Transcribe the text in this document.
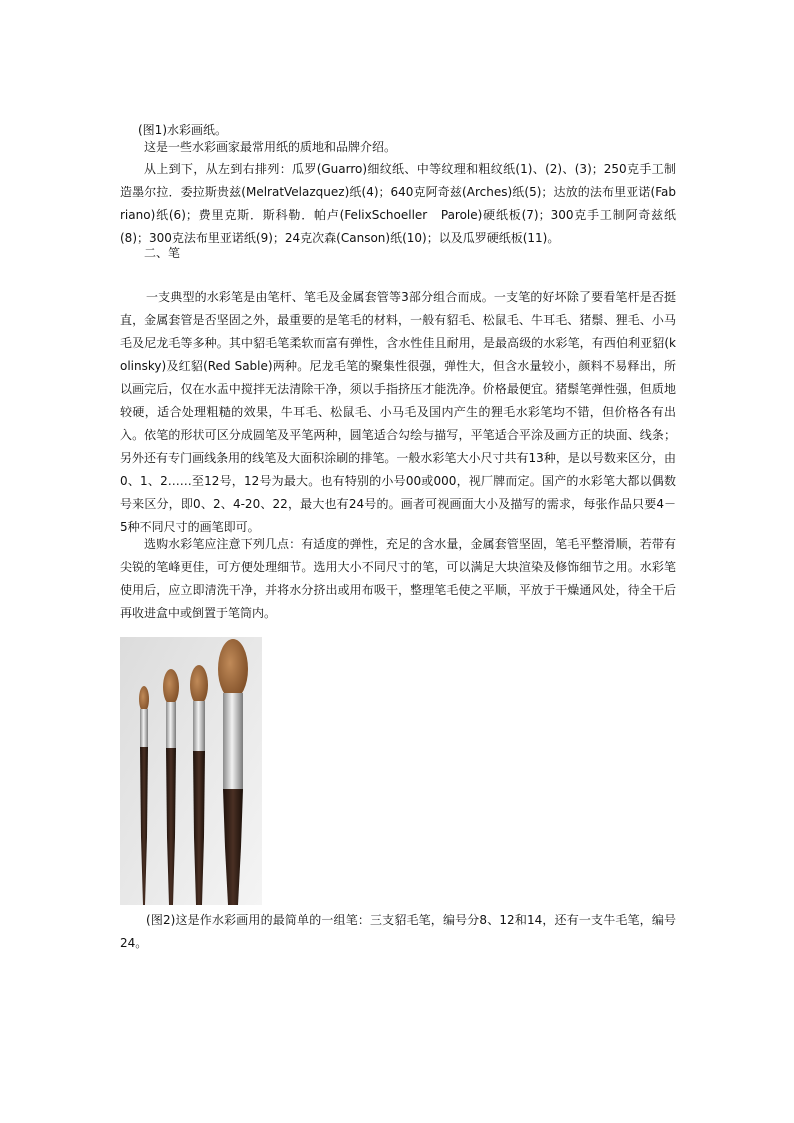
(图1)水彩画纸。

这是一些水彩画家最常用纸的质地和品牌介绍。

从上到下，从左到右排列：瓜罗(Guarro)细纹纸、中等纹理和粗纹纸(1)、(2)、(3)；250克手工制造墨尔拉．委拉斯贵兹(MelratVelazquez)纸(4)；640克阿奇兹(Arches)纸(5)；达放的法布里亚诺(Fabriano)纸(6)；费里克斯．斯科勒．帕卢(FelixSchoeller　Parole)硬纸板(7)；300克手工制阿奇兹纸(8)；300克法布里亚诺纸(9)；24克次森(Canson)纸(10)；以及瓜罗硬纸板(11)。

二、笔

一支典型的水彩笔是由笔杆、笔毛及金属套管等3部分组合而成。一支笔的好坏除了要看笔杆是否挺直，金属套管是否坚固之外，最重要的是笔毛的材料，一般有貂毛、松鼠毛、牛耳毛、猪鬃、狸毛、小马毛及尼龙毛等多种。其中貂毛笔柔软而富有弹性，含水性佳且耐用，是最高级的水彩笔，有西伯利亚貂(kolinsky)及红貂(Red Sable)两种。尼龙毛笔的聚集性很强，弹性大，但含水量较小，颜料不易释出，所以画完后，仅在水盂中搅拌无法清除干净，须以手指挤压才能洗净。价格最便宜。猪鬃笔弹性强，但质地较硬，适合处理粗糙的效果，牛耳毛、松鼠毛、小马毛及国内产生的狸毛水彩笔均不错，但价格各有出入。依笔的形状可区分成圆笔及平笔两种，圆笔适合勾绘与描写，平笔适合平涂及画方正的块面、线条；另外还有专门画线条用的线笔及大面积涂刷的排笔。一般水彩笔大小尺寸共有13种，是以号数来区分，由0、1、2……至12号，12号为最大。也有特别的小号00或000，视厂牌而定。国产的水彩笔大都以偶数号来区分，即0、2、4-20、22，最大也有24号的。画者可视画面大小及描写的需求，每张作品只要4－5种不同尺寸的画笔即可。

选购水彩笔应注意下列几点：有适度的弹性，充足的含水量，金属套管坚固，笔毛平整滑顺，若带有尖锐的笔峰更佳，可方便处理细节。选用大小不同尺寸的笔，可以满足大块渲染及修饰细节之用。水彩笔使用后，应立即清洗干净，并将水分挤出或用布吸干，整理笔毛使之平顺，平放于干燥通风处，待全干后再收进盒中或倒置于笔筒内。

(图2)这是作水彩画用的最简单的一组笔：三支貂毛笔，编号分8、12和14，还有一支牛毛笔，编号24。
